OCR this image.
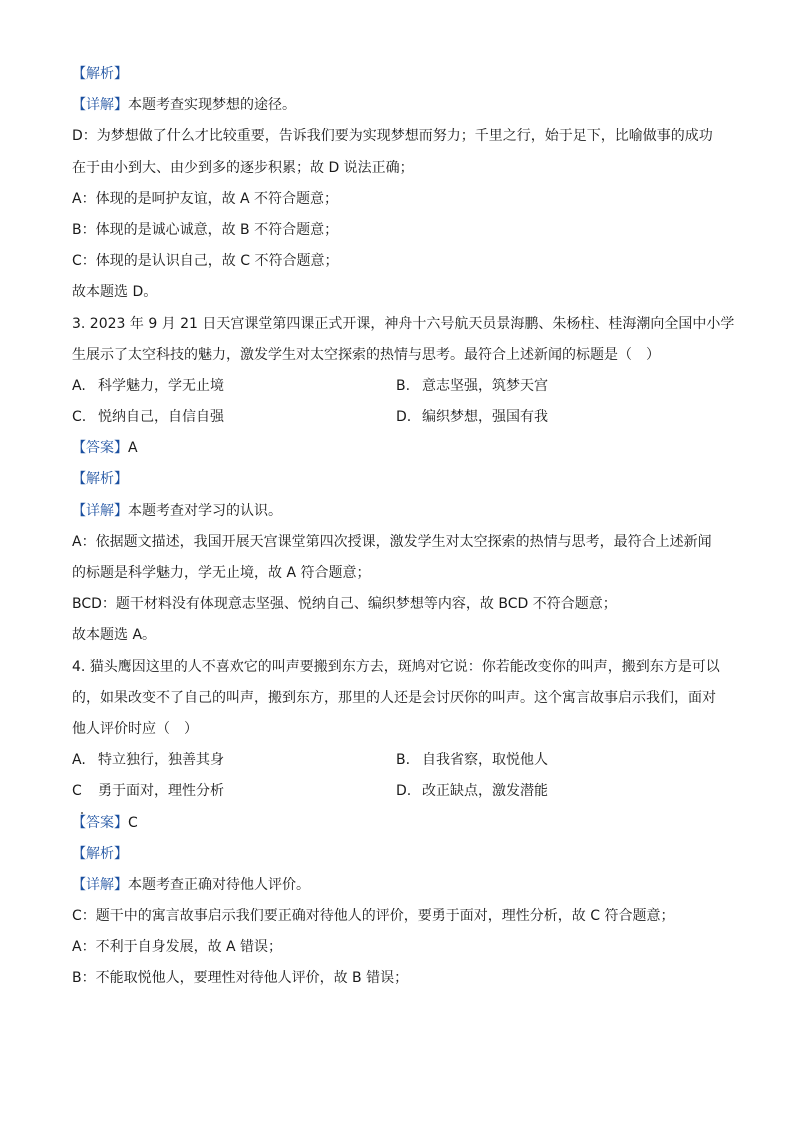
【解析】
【详解】本题考查实现梦想的途径。
D：为梦想做了什么才比较重要，告诉我们要为实现梦想而努力；千里之行，始于足下，比喻做事的成功
在于由小到大、由少到多的逐步积累；故 D 说法正确；
A：体现的是呵护友谊，故 A 不符合题意；
B：体现的是诚心诚意，故 B 不符合题意；
C：体现的是认识自己，故 C 不符合题意；
故本题选 D。
3. 2023 年 9 月 21 日天宫课堂第四课正式开课，神舟十六号航天员景海鹏、朱杨柱、桂海潮向全国中小学
生展示了太空科技的魅力，激发学生对太空探索的热情与思考。最符合上述新闻的标题是（　）
A. 科学魅力，学无止境	B. 意志坚强，筑梦天宫
C. 悦纳自己，自信自强	D. 编织梦想，强国有我
【答案】A
【解析】
【详解】本题考查对学习的认识。
A：依据题文描述，我国开展天宫课堂第四次授课，激发学生对太空探索的热情与思考，最符合上述新闻
的标题是科学魅力，学无止境，故 A 符合题意；
BCD：题干材料没有体现意志坚强、悦纳自己、编织梦想等内容，故 BCD 不符合题意；
故本题选 A。
4. 猫头鹰因这里的人不喜欢它的叫声要搬到东方去，斑鸠对它说：你若能改变你的叫声，搬到东方是可以
的，如果改变不了自己的叫声，搬到东方，那里的人还是会讨厌你的叫声。这个寓言故事启示我们，面对
他人评价时应（　）
A. 特立独行，独善其身	B. 自我省察，取悦他人
C 勇于面对，理性分析	D. 改正缺点，激发潜能
【答案】C
【解析】
【详解】本题考查正确对待他人评价。
C：题干中的寓言故事启示我们要正确对待他人的评价，要勇于面对，理性分析，故 C 符合题意；
A：不利于自身发展，故 A 错误；
B：不能取悦他人，要理性对待他人评价，故 B 错误；
